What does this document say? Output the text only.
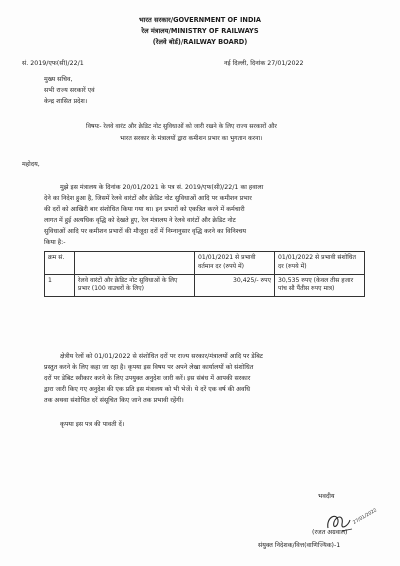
भारत सरकार/GOVERNMENT OF INDIA
रेल मंत्रालय/MINISTRY OF RAILWAYS
(रेलवे बोर्ड)/RAILWAY BOARD)
सं. 2019/एफ(सी)/22/1	नई दिल्ली, दिनांक 27/01/2022
मुख्य सचिव,
सभी राज्य सरकारें एवं
केन्द्र शासित प्रदेश।
विषयः- रेलवे वारंट और क्रेडिट नोट सुविधाओं को जारी रखने के लिए राज्य सरकारों और
भारत सरकार के मंत्रालयों द्वारा कमीशन प्रभार का भुगतान करना।
महोदय,
मुझे इस मंत्रालय के दिनांक 20/01/2021 के पत्र सं. 2019/एफ(सी)/22/1 का हवाला
देने का निदेश हुआ है, जिसमें रेलवे वारंटों और क्रेडिट नोट सुविधाओं आदि पर कमीशन प्रभार
की दरों को आखिरी बार संशोधित किया गया था। इन प्रभारों को एकत्रित करने में कर्मचारी
लागत में हुई अत्यधिक वृद्धि को देखते हुए, रेल मंत्रालय ने रेलवे वारंटों और क्रेडिट नोट
सुविधाओं आदि पर कमीशन प्रभारों की मौजूदा दरों में निम्नानुसार वृद्धि करने का विनिश्चय
किया है:-
क्रम सं.		01/01/2021 से प्रभावी वर्तमान दर (रुपये में)	01/01/2022 से प्रभावी संशोधित दर (रुपये में)
1	रेलवे वारंटों और क्रेडिट नोट सुविधाओं के लिए प्रभार (100 वाउचरों के लिए)	30,425/- रुपए	30,535 रुपए (केवल तीस हजार पांच सौ पैंतीस रुपए मात्र)
क्षेत्रीय रेलों को 01/01/2022 से संशोधित दरों पर राज्य सरकार/मंत्रालयों आदि पर डेबिट
प्रस्तुत करने के लिए कहा जा रहा है। कृपया इस विषय पर अपने लेखा कार्यालयों को संशोधित
दरों पर डेबिट स्वीकार करने के लिए उपयुक्त अनुदेश जारी करें। इस संबंध में आपकी सरकार
द्वारा जारी किए गए अनुदेश की एक प्रति इस मंत्रालय को भी भेजें। ये दरें एक वर्ष की अवधि
तक अथवा संशोधित दरें संसूचित किए जाने तक प्रभावी रहेंगी।
कृपया इस पत्र की पावती दें।
भवदीय
27/01/2022
(रजत अग्रवाल)
संयुक्त निदेशक/वित्त(वाणिज्यिक)-1
